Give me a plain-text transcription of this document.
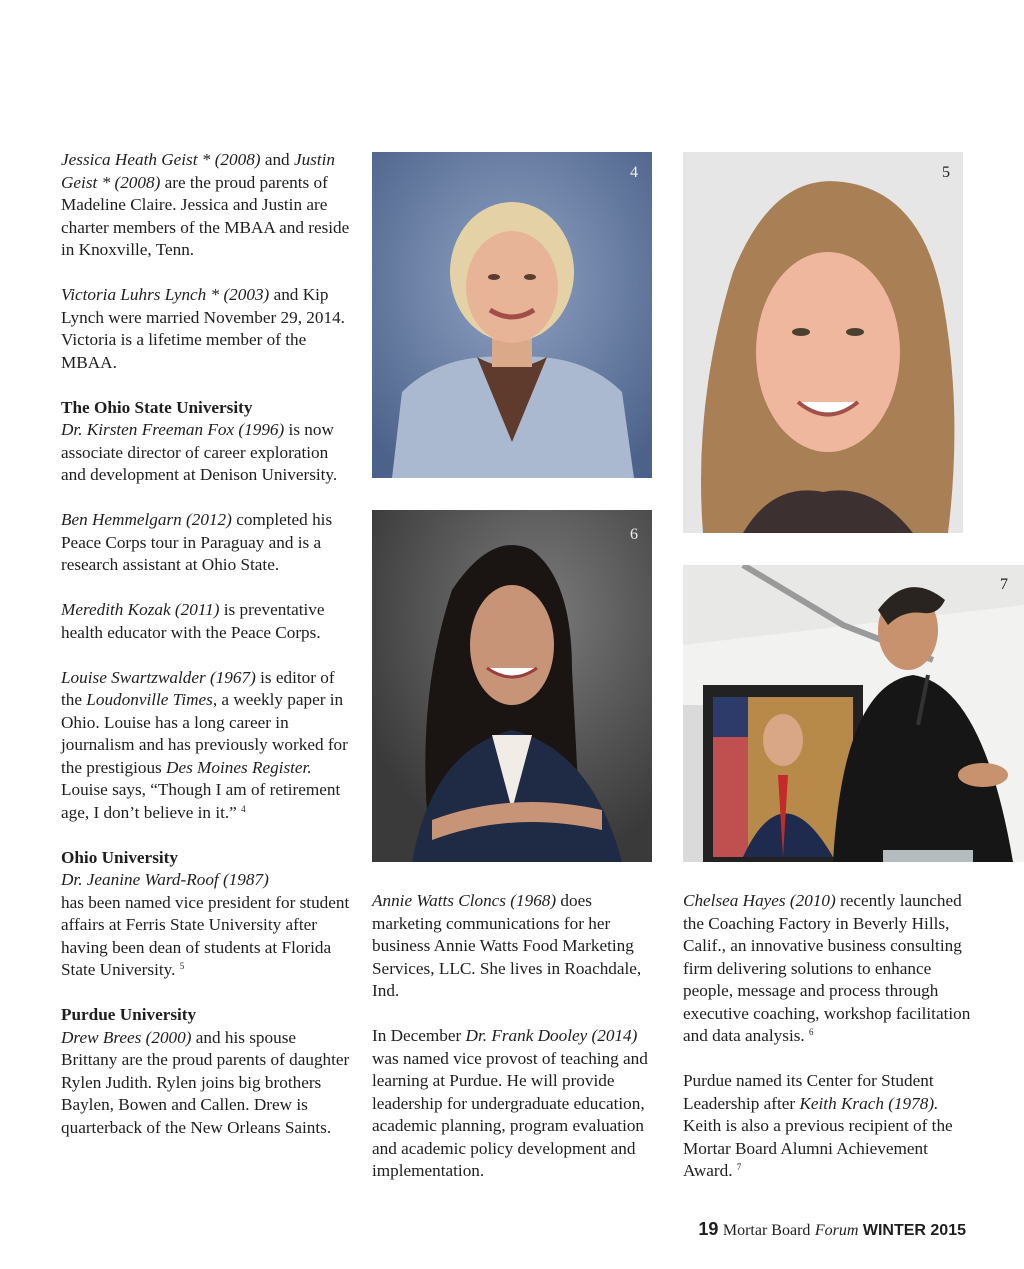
Jessica Heath Geist * (2008) and Justin Geist * (2008) are the proud parents of Madeline Claire. Jessica and Justin are charter members of the MBAA and reside in Knoxville, Tenn.

Victoria Luhrs Lynch * (2003) and Kip Lynch were married November 29, 2014. Victoria is a lifetime member of the MBAA.

The Ohio State University
Dr. Kirsten Freeman Fox (1996) is now associate director of career exploration and development at Denison University.

Ben Hemmelgarn (2012) completed his Peace Corps tour in Paraguay and is a research assistant at Ohio State.

Meredith Kozak (2011) is preventative health educator with the Peace Corps.

Louise Swartzwalder (1967) is editor of the Loudonville Times, a weekly paper in Ohio. Louise has a long career in journalism and has previously worked for the prestigious Des Moines Register. Louise says, “Though I am of retirement age, I don’t believe in it.” $^4$

Ohio University
Dr. Jeanine Ward-Roof (1987)
has been named vice president for student affairs at Ferris State University after having been dean of students at Florida State University. $^5$

Purdue University
Drew Brees (2000) and his spouse Brittany are the proud parents of daughter Rylen Judith. Rylen joins big brothers Baylen, Bowen and Callen. Drew is quarterback of the New Orleans Saints.

Annie Watts Cloncs (1968) does marketing communications for her business Annie Watts Food Marketing Services, LLC. She lives in Roachdale, Ind.

In December Dr. Frank Dooley (2014) was named vice provost of teaching and learning at Purdue. He will provide leadership for undergraduate education, academic planning, program evaluation and academic policy development and implementation.

Chelsea Hayes (2010) recently launched the Coaching Factory in Beverly Hills, Calif., an innovative business consulting firm delivering solutions to enhance people, message and process through executive coaching, workshop facilitation and data analysis. $^6$

Purdue named its Center for Student Leadership after Keith Krach (1978). Keith is also a previous recipient of the Mortar Board Alumni Achievement Award. $^7$

4	5
6
7
19 Mortar Board Forum WINTER 2015
